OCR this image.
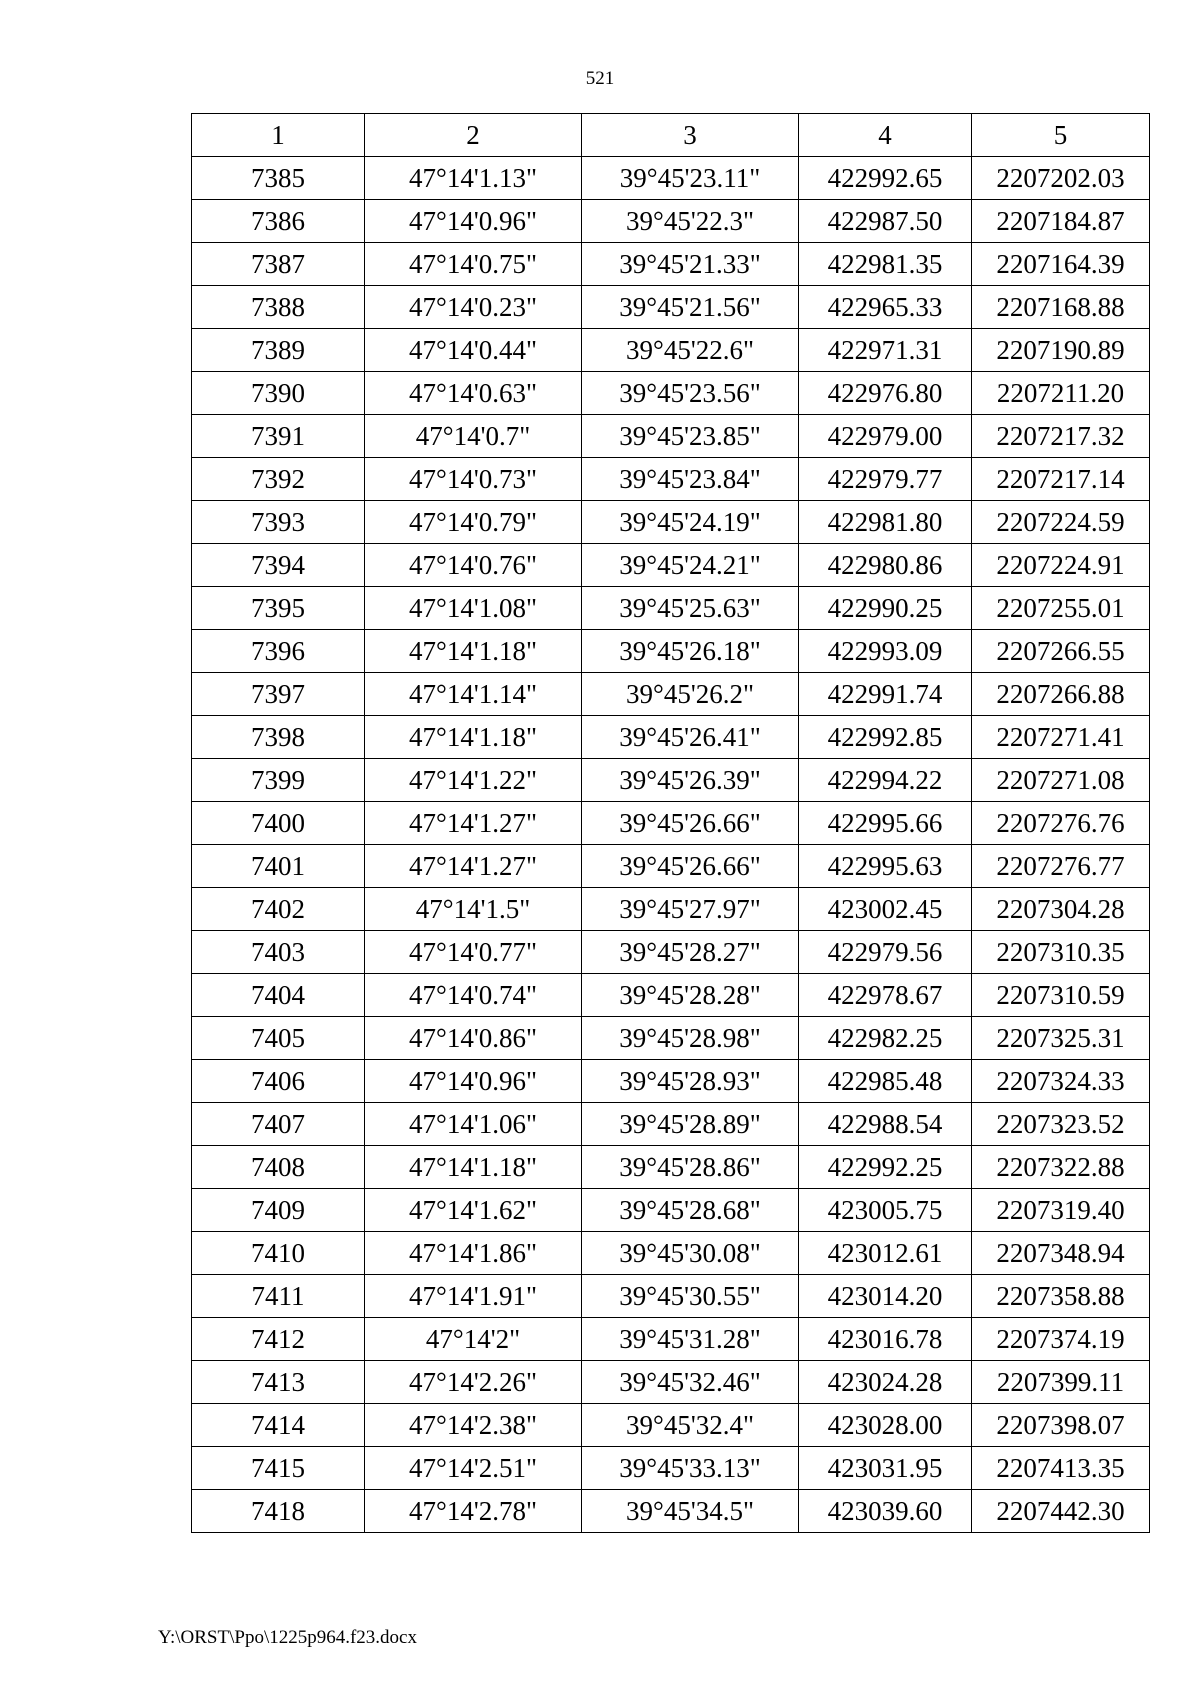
521
1	2	3	4	5
7385	47°14'1.13"	39°45'23.11"	422992.65	2207202.03
7386	47°14'0.96"	39°45'22.3"	422987.50	2207184.87
7387	47°14'0.75"	39°45'21.33"	422981.35	2207164.39
7388	47°14'0.23"	39°45'21.56"	422965.33	2207168.88
7389	47°14'0.44"	39°45'22.6"	422971.31	2207190.89
7390	47°14'0.63"	39°45'23.56"	422976.80	2207211.20
7391	47°14'0.7"	39°45'23.85"	422979.00	2207217.32
7392	47°14'0.73"	39°45'23.84"	422979.77	2207217.14
7393	47°14'0.79"	39°45'24.19"	422981.80	2207224.59
7394	47°14'0.76"	39°45'24.21"	422980.86	2207224.91
7395	47°14'1.08"	39°45'25.63"	422990.25	2207255.01
7396	47°14'1.18"	39°45'26.18"	422993.09	2207266.55
7397	47°14'1.14"	39°45'26.2"	422991.74	2207266.88
7398	47°14'1.18"	39°45'26.41"	422992.85	2207271.41
7399	47°14'1.22"	39°45'26.39"	422994.22	2207271.08
7400	47°14'1.27"	39°45'26.66"	422995.66	2207276.76
7401	47°14'1.27"	39°45'26.66"	422995.63	2207276.77
7402	47°14'1.5"	39°45'27.97"	423002.45	2207304.28
7403	47°14'0.77"	39°45'28.27"	422979.56	2207310.35
7404	47°14'0.74"	39°45'28.28"	422978.67	2207310.59
7405	47°14'0.86"	39°45'28.98"	422982.25	2207325.31
7406	47°14'0.96"	39°45'28.93"	422985.48	2207324.33
7407	47°14'1.06"	39°45'28.89"	422988.54	2207323.52
7408	47°14'1.18"	39°45'28.86"	422992.25	2207322.88
7409	47°14'1.62"	39°45'28.68"	423005.75	2207319.40
7410	47°14'1.86"	39°45'30.08"	423012.61	2207348.94
7411	47°14'1.91"	39°45'30.55"	423014.20	2207358.88
7412	47°14'2"	39°45'31.28"	423016.78	2207374.19
7413	47°14'2.26"	39°45'32.46"	423024.28	2207399.11
7414	47°14'2.38"	39°45'32.4"	423028.00	2207398.07
7415	47°14'2.51"	39°45'33.13"	423031.95	2207413.35
7418	47°14'2.78"	39°45'34.5"	423039.60	2207442.30
Y:\ORST\Ppo\1225p964.f23.docx
